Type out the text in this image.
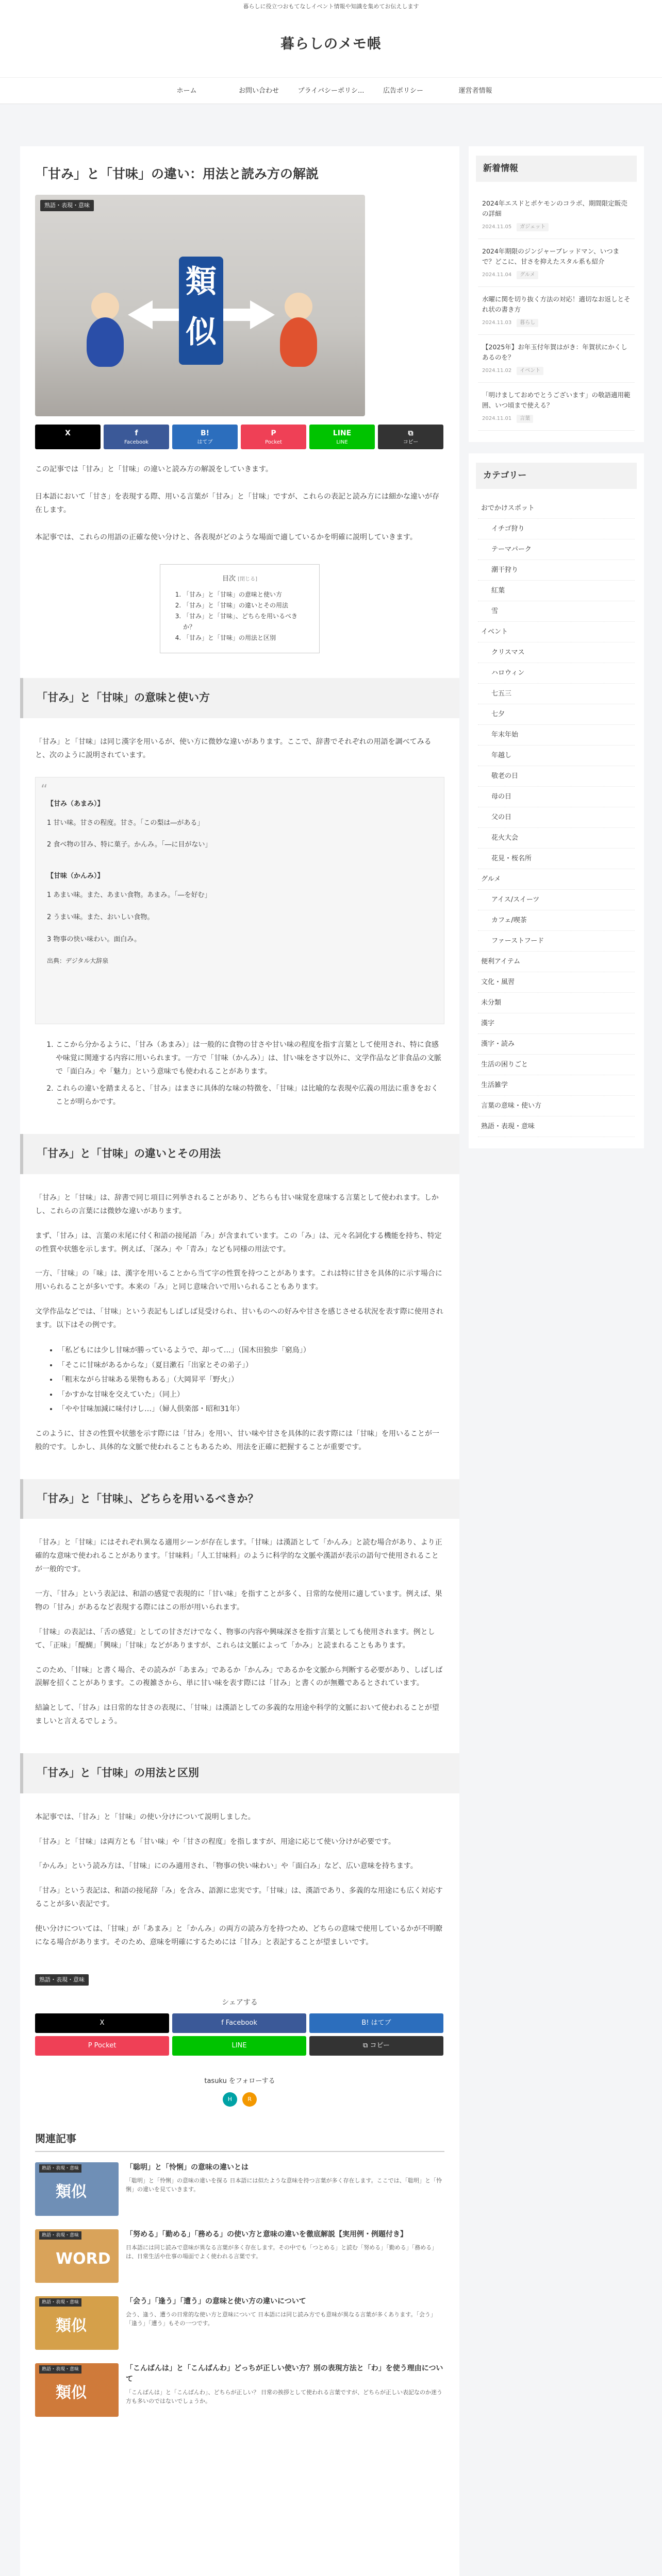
暮らしに役立つおもてなしイベント情報や知識を集めてお伝えします
暮らしのメモ帳
ホーム	お問い合わせ	プライバシーポリシ...	広告ポリシー	運営者情報
「甘み」と「甘味」の違い：用法と読み方の解説
熟語・表現・意味
類
似
X	f
Facebook
B!
はてブ
P
Pocket
LINE
LINE
⧉
コピー

この記事では「甘み」と「甘味」の違いと読み方の解説をしていきます。

日本語において「甘さ」を表現する際、用いる言葉が「甘み」と「甘味」ですが、これらの表記と読み方には細かな違いが存在します。

本記事では、これらの用語の正確な使い分けと、各表現がどのような場面で適しているかを明確に説明していきます。

目次 [閉じる]
1. 「甘み」と「甘味」の意味と使い方
2. 「甘み」と「甘味」の違いとその用法
3. 「甘み」と「甘味」、どちらを用いるべきか？
4. 「甘み」と「甘味」の用法と区別
「甘み」と「甘味」の意味と使い方

「甘み」と「甘味」は同じ漢字を用いるが、使い方に微妙な違いがあります。ここで、辞書でそれぞれの用語を調べてみると、次のように説明されています。

“
【甘み（あまみ）】
1 甘い味。甘さの程度。甘さ。「この梨は―がある」
2 食べ物の甘み、特に菓子。かんみ。「―に目がない」
【甘味（かんみ）】
1 あまい味。また、あまい食物。あまみ。「―を好む」
2 うまい味。また、おいしい食物。
3 物事の快い味わい。面白み。
出典：デジタル大辞泉
1. ここから分かるように、「甘み（あまみ）」は一般的に食物の甘さや甘い味の程度を指す言葉として使用され、特に食感や味覚に関連する内容に用いられます。一方で「甘味（かんみ）」は、甘い味をさす以外に、文学作品など非食品の文脈で「面白み」や「魅力」という意味でも使われることがあります。
2. これらの違いを踏まえると、「甘み」はまさに具体的な味の特徴を、「甘味」は比喩的な表現や広義の用法に重きをおくことが明らかです。
「甘み」と「甘味」の違いとその用法

「甘み」と「甘味」は、辞書で同じ項目に列挙されることがあり、どちらも甘い味覚を意味する言葉として使われます。しかし、これらの言葉には微妙な違いがあります。

まず、「甘み」は、言葉の末尾に付く和語の接尾語「み」が含まれています。この「み」は、元々名詞化する機能を持ち、特定の性質や状態を示します。例えば、「深み」や「青み」なども同様の用法です。

一方、「甘味」の「味」は、漢字を用いることから当て字の性質を持つことがあります。これは特に甘さを具体的に示す場合に用いられることが多いです。本来の「み」と同じ意味合いで用いられることもあります。

文学作品などでは、「甘味」という表記もしばしば見受けられ、甘いものへの好みや甘さを感じさせる状況を表す際に使用されます。以下はその例です。

• 「私どもには少し甘味が勝っているようで、却って…」（国木田独歩「窮鳥」）
• 「そこに甘味があるからな」（夏目漱石「出家とその弟子」）
• 「粗末ながら甘味ある果物もある」（大岡昇平「野火」）
• 「かすかな甘味を交えていた」（同上）
• 「やや甘味加減に味付けし…」（婦人倶楽部・昭和31年）

このように、甘さの性質や状態を示す際には「甘み」を用い、甘い味や甘さを具体的に表す際には「甘味」を用いることが一般的です。しかし、具体的な文脈で使われることもあるため、用法を正確に把握することが重要です。

「甘み」と「甘味」、どちらを用いるべきか？

「甘み」と「甘味」にはそれぞれ異なる適用シーンが存在します。「甘味」は漢語として「かんみ」と読む場合があり、より正確的な意味で使われることがあります。「甘味料」「人工甘味料」のように科学的な文脈や漢語が表示の語句で使用されることが一般的です。

一方、「甘み」という表記は、和語の感覚で表現的に「甘い味」を指すことが多く、日常的な使用に適しています。例えば、果物の「甘み」があるなど表現する際にはこの形が用いられます。

「甘味」の表記は、「舌の感覚」としての甘さだけでなく、物事の内容や興味深さを指す言葉としても使用されます。例として、「正味」「醍醐」「興味」「甘味」などがありますが、これらは文脈によって「かみ」と読まれることもあります。

このため、「甘味」と書く場合、その読みが「あまみ」であるか「かんみ」であるかを文脈から判断する必要があり、しばしば誤解を招くことがあります。この複雑さから、単に甘い味を表す際には「甘み」と書くのが無難であるとされています。

結論として、「甘み」は日常的な甘さの表現に、「甘味」は漢語としての多義的な用途や科学的文脈において使われることが望ましいと言えるでしょう。

「甘み」と「甘味」の用法と区別

本記事では、「甘み」と「甘味」の使い分けについて説明しました。

「甘み」と「甘味」は両方とも「甘い味」や「甘さの程度」を指しますが、用途に応じて使い分けが必要です。

「かんみ」という読み方は、「甘味」にのみ適用され、「物事の快い味わい」や「面白み」など、広い意味を持ちます。

「甘み」という表記は、和語の接尾辞「み」を含み、語源に忠実です。「甘味」は、漢語であり、多義的な用途にも広く対応することが多い表記です。

使い分けについては、「甘味」が「あまみ」と「かんみ」の両方の読み方を持つため、どちらの意味で使用しているかが不明瞭になる場合があります。そのため、意味を明確にするためには「甘み」と表記することが望ましいです。

熟語・表現・意味
シェアする
X	f Facebook	B! はてブ
P Pocket	LINE	⧉ コピー
tasuku をフォローする
H	R
関連記事
熟語・表現・意味
類似
「聡明」と「怜悧」の意味の違いとは
「聡明」と「怜悧」の意味の違いを探る 日本語には似たような意味を持つ言葉が多く存在します。ここでは、「聡明」と「怜悧」の違いを見ていきます。
熟語・表現・意味
WORD
「努める」「勤める」「務める」の使い方と意味の違いを徹底解説【実用例・例題付き】
日本語には同じ読みで意味が異なる言葉が多く存在します。その中でも「つとめる」と読む「努める」「勤める」「務める」は、日常生活や仕事の場面でよく使われる言葉です。
熟語・表現・意味
類似
「会う」「逢う」「遭う」の意味と使い方の違いについて
会う、逢う、遭うの日常的な使い方と意味について 日本語には同じ読み方でも意味が異なる言葉が多くあります。「会う」「逢う」「遭う」もその一つです。
熟語・表現・意味
類似
「こんばんは」と「こんばんわ」どっちが正しい使い方？別の表現方法と「わ」を使う理由について
「こんばんは」と「こんばんわ」、どちらが正しい？ 日常の挨拶として使われる言葉ですが、どちらが正しい表記なのか迷う方も多いのではないでしょうか。
新着情報
2024年エスドとポケモンのコラボ、期間限定販売の詳細
2024.11.05 ガジェット
2024年期限のジンジャーブレッドマン、いつまで？どこに、甘さを抑えたスタル系も紹介
2024.11.04 グルメ
水曜に関を切り抜く方法の対応！適切なお返しとそれ状の書き方
2024.11.03 暮らし
【2025年】お年玉付年賀はがき：年賀状にかくしあるのを？
2024.11.02 イベント
「明けましておめでとうございます」の敬語適用範囲、いつ頃まで使える？
2024.11.01 言葉
カテゴリー
おでかけスポット
イチゴ狩り
テーマパーク
潮干狩り
紅葉
雪
イベント
クリスマス
ハロウィン
七五三
七夕
年末年始
年越し
敬老の日
母の日
父の日
花火大会
花見・桜名所
グルメ
アイス/スイーツ
カフェ/喫茶
ファーストフード
便利アイテム
文化・風習
未分類
漢字
漢字・読み
生活の困りごと
生活雑学
言葉の意味・使い方
熟語・表現・意味
